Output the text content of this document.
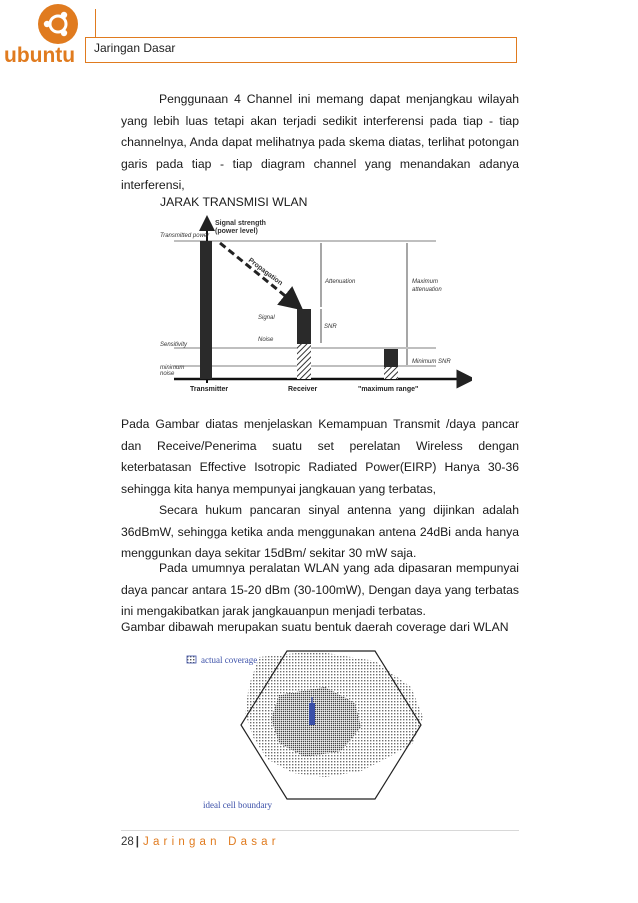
ubuntu Jaringan Dasar

Penggunaan 4 Channel ini memang dapat menjangkau wilayah yang lebih luas tetapi akan terjadi sedikit interferensi pada tiap - tiap channelnya, Anda dapat melihatnya pada skema diatas, terlihat potongan garis pada tiap - tiap diagram channel yang menandakan adanya interferensi,

JARAK TRANSMISI WLAN
Transmitted power
Signal strength
(power level)
Propagation	Attenuation	Maximum
attenuation
Signal
SNR
Noise
Sensitivity
Minimum SNR
minimum
noise
Transmitter	Receiver	"maximum range"

Pada Gambar diatas menjelaskan Kemampuan Transmit /daya pancar dan Receive/Penerima suatu set perelatan Wireless dengan keterbatasan Effective Isotropic Radiated Power(EIRP) Hanya 30-36 sehingga kita hanya mempunyai jangkauan yang terbatas,

Secara hukum pancaran sinyal antenna yang dijinkan adalah 36dBmW, sehingga ketika anda menggunakan antena 24dBi anda hanya menggunkan daya sekitar 15dBm/ sekitar 30 mW saja.

Pada umumnya peralatan WLAN yang ada dipasaran mempunyai daya pancar antara 15-20 dBm (30-100mW), Dengan daya yang terbatas ini mengakibatkan jarak jangkauanpun menjadi terbatas.

Gambar dibawah merupakan suatu bentuk daerah coverage dari WLAN

actual coverage
ideal cell boundary
28 | Jaringan Dasar
